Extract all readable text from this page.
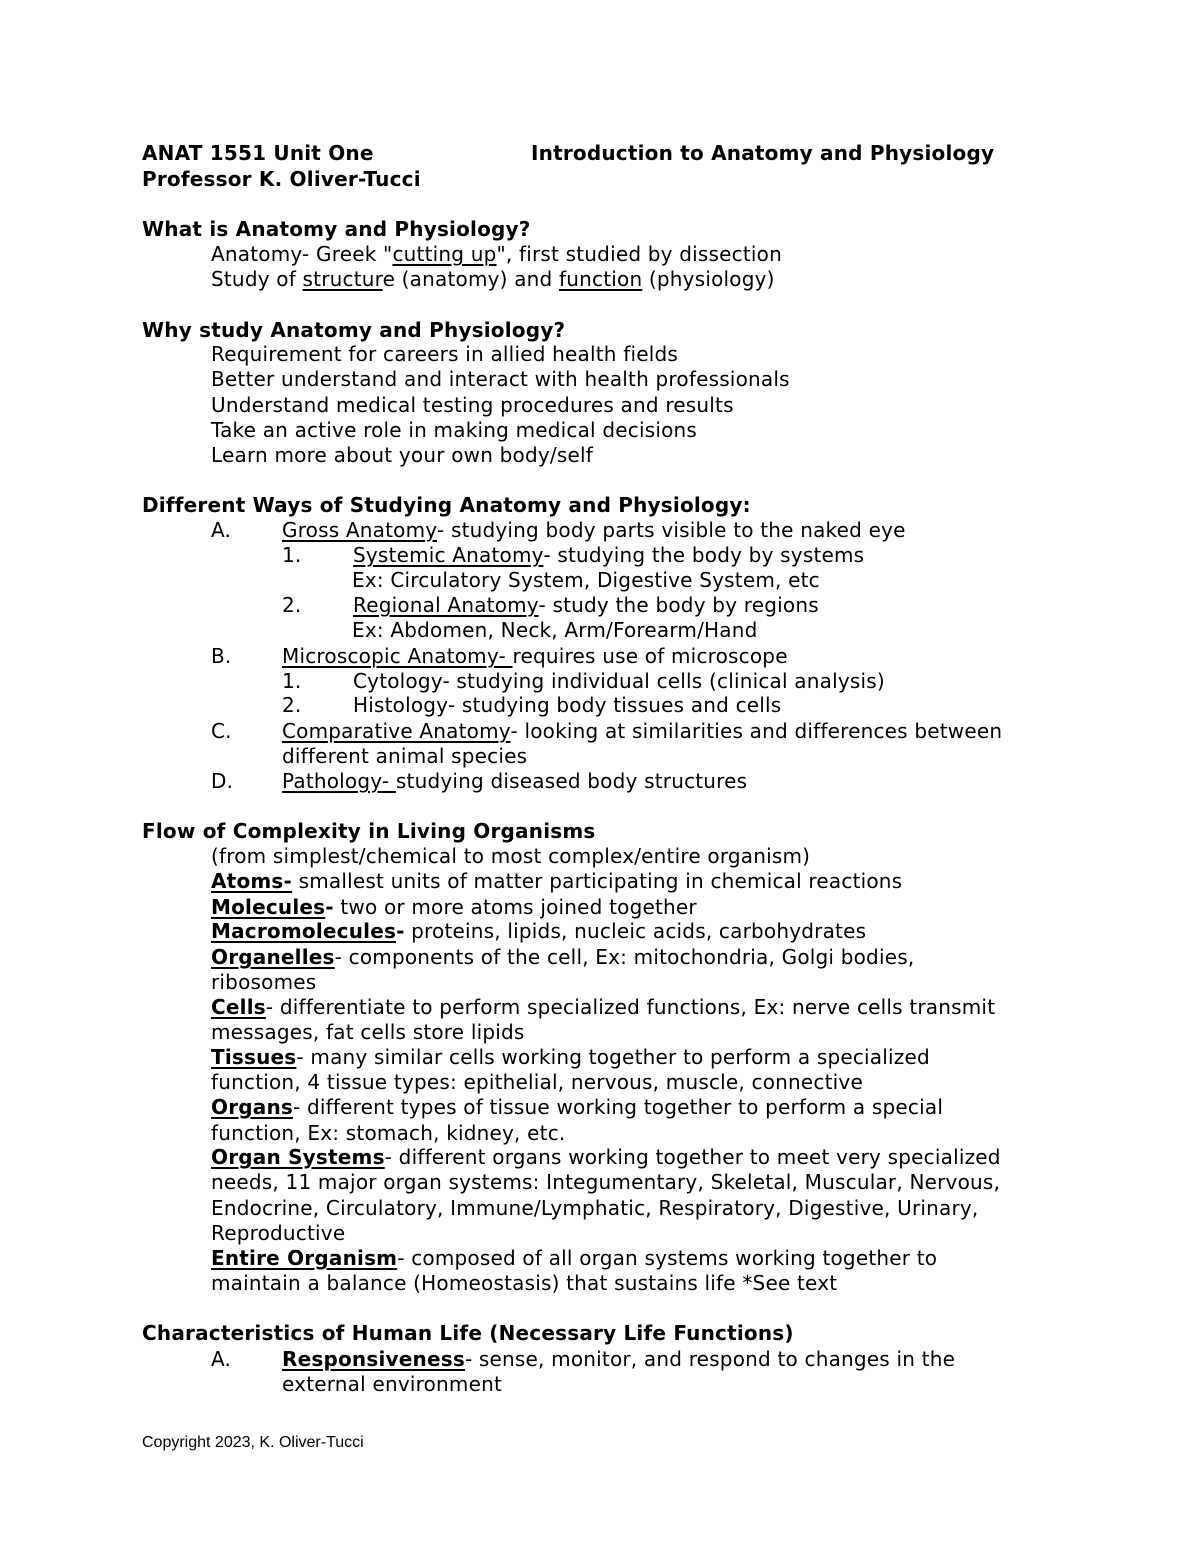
ANAT 1551 Unit One	Introduction to Anatomy and Physiology
Professor K. Oliver-Tucci
What is Anatomy and Physiology?
Anatomy- Greek "cutting up", first studied by dissection
Study of structure (anatomy) and function (physiology)
Why study Anatomy and Physiology?
Requirement for careers in allied health fields
Better understand and interact with health professionals
Understand medical testing procedures and results
Take an active role in making medical decisions
Learn more about your own body/self
Different Ways of Studying Anatomy and Physiology:
A.	Gross Anatomy- studying body parts visible to the naked eye
1.	Systemic Anatomy- studying the body by systems
Ex: Circulatory System, Digestive System, etc
2.	Regional Anatomy- study the body by regions
Ex: Abdomen, Neck, Arm/Forearm/Hand
B.	Microscopic Anatomy- requires use of microscope
1.	Cytology- studying individual cells (clinical analysis)
2.	Histology- studying body tissues and cells
C.	Comparative Anatomy- looking at similarities and differences between
different animal species
D. Pathology- studying diseased body structures
Flow of Complexity in Living Organisms
(from simplest/chemical to most complex/entire organism)
Atoms- smallest units of matter participating in chemical reactions
Molecules- two or more atoms joined together
Macromolecules- proteins, lipids, nucleic acids, carbohydrates
Organelles- components of the cell, Ex: mitochondria, Golgi bodies,
ribosomes
Cells- differentiate to perform specialized functions, Ex: nerve cells transmit
messages, fat cells store lipids
Tissues- many similar cells working together to perform a specialized
function, 4 tissue types: epithelial, nervous, muscle, connective
Organs- different types of tissue working together to perform a special
function, Ex: stomach, kidney, etc.
Organ Systems- different organs working together to meet very specialized
needs, 11 major organ systems: Integumentary, Skeletal, Muscular, Nervous,
Endocrine, Circulatory, Immune/Lymphatic, Respiratory, Digestive, Urinary,
Reproductive
Entire Organism- composed of all organ systems working together to
maintain a balance (Homeostasis) that sustains life *See text
Characteristics of Human Life (Necessary Life Functions)
A.	Responsiveness- sense, monitor, and respond to changes in the
external environment
Copyright 2023, K. Oliver-Tucci
